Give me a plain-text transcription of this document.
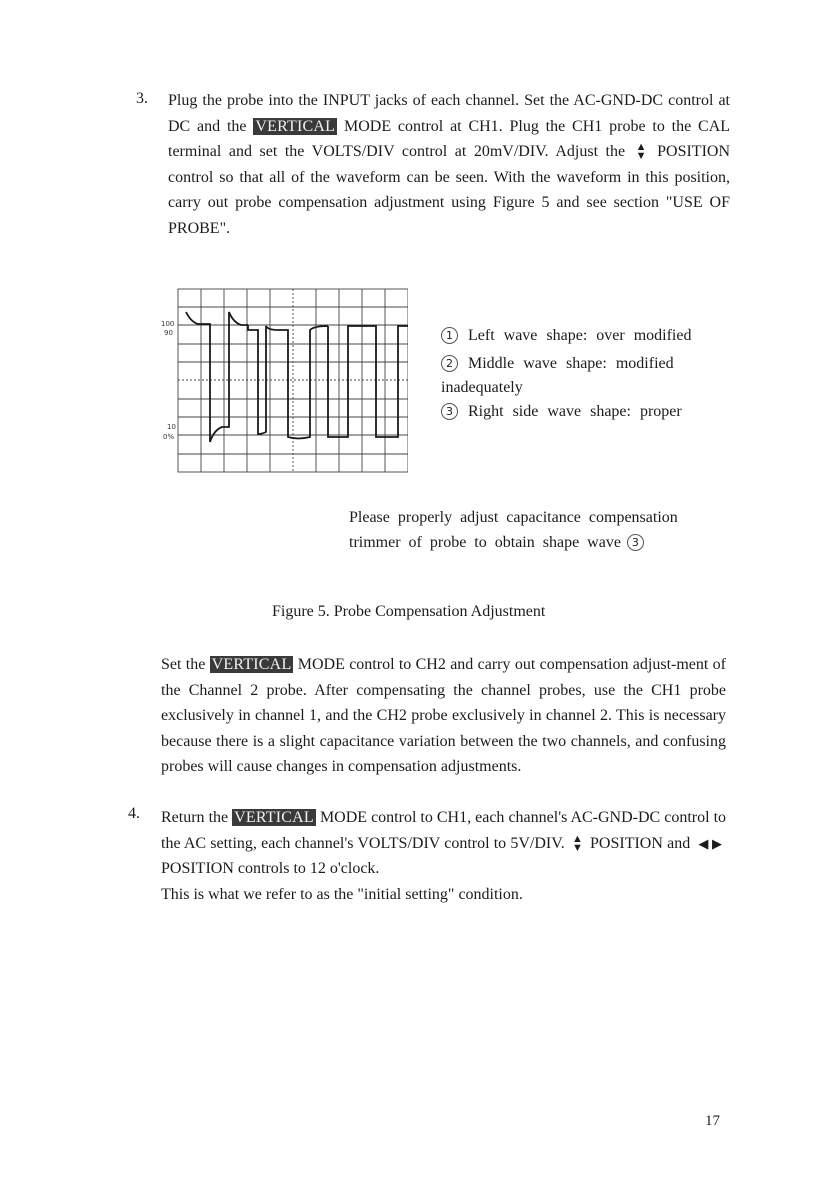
3. Plug the probe into the INPUT jacks of each channel. Set the AC-GND-DC control at DC and the VERTICAL MODE control at CH1. Plug the CH1 probe to the CAL terminal and set the VOLTS/DIV control at 20mV/DIV. Adjust the ▲
▼ POSITION control so that all of the waveform can be seen. With the waveform in this position, carry out probe compensation adjustment using Figure 5 and see section "USE OF PROBE".

100
90
10
0%
1 Left wave shape: over modified
2 Middle wave shape: modified inadequately
3 Right side wave shape: proper
Please properly adjust capacitance compensation trimmer of probe to obtain shape wave 3
Figure 5. Probe Compensation Adjustment

Set the VERTICAL MODE control to CH2 and carry out compensation adjust-ment of the Channel 2 probe. After compensating the channel probes, use the CH1 probe exclusively in channel 1, and the CH2 probe exclusively in channel 2. This is necessary because there is a slight capacitance variation between the two channels, and confusing probes will cause changes in compensation adjustments.

4. Return the VERTICAL MODE control to CH1, each channel's AC-GND-DC control to the AC setting, each channel's VOLTS/DIV control to 5V/DIV. ▲
▼ POSITION and ◀ ▶ POSITION controls to 12 o'clock.
This is what we refer to as the "initial setting" condition.

17
